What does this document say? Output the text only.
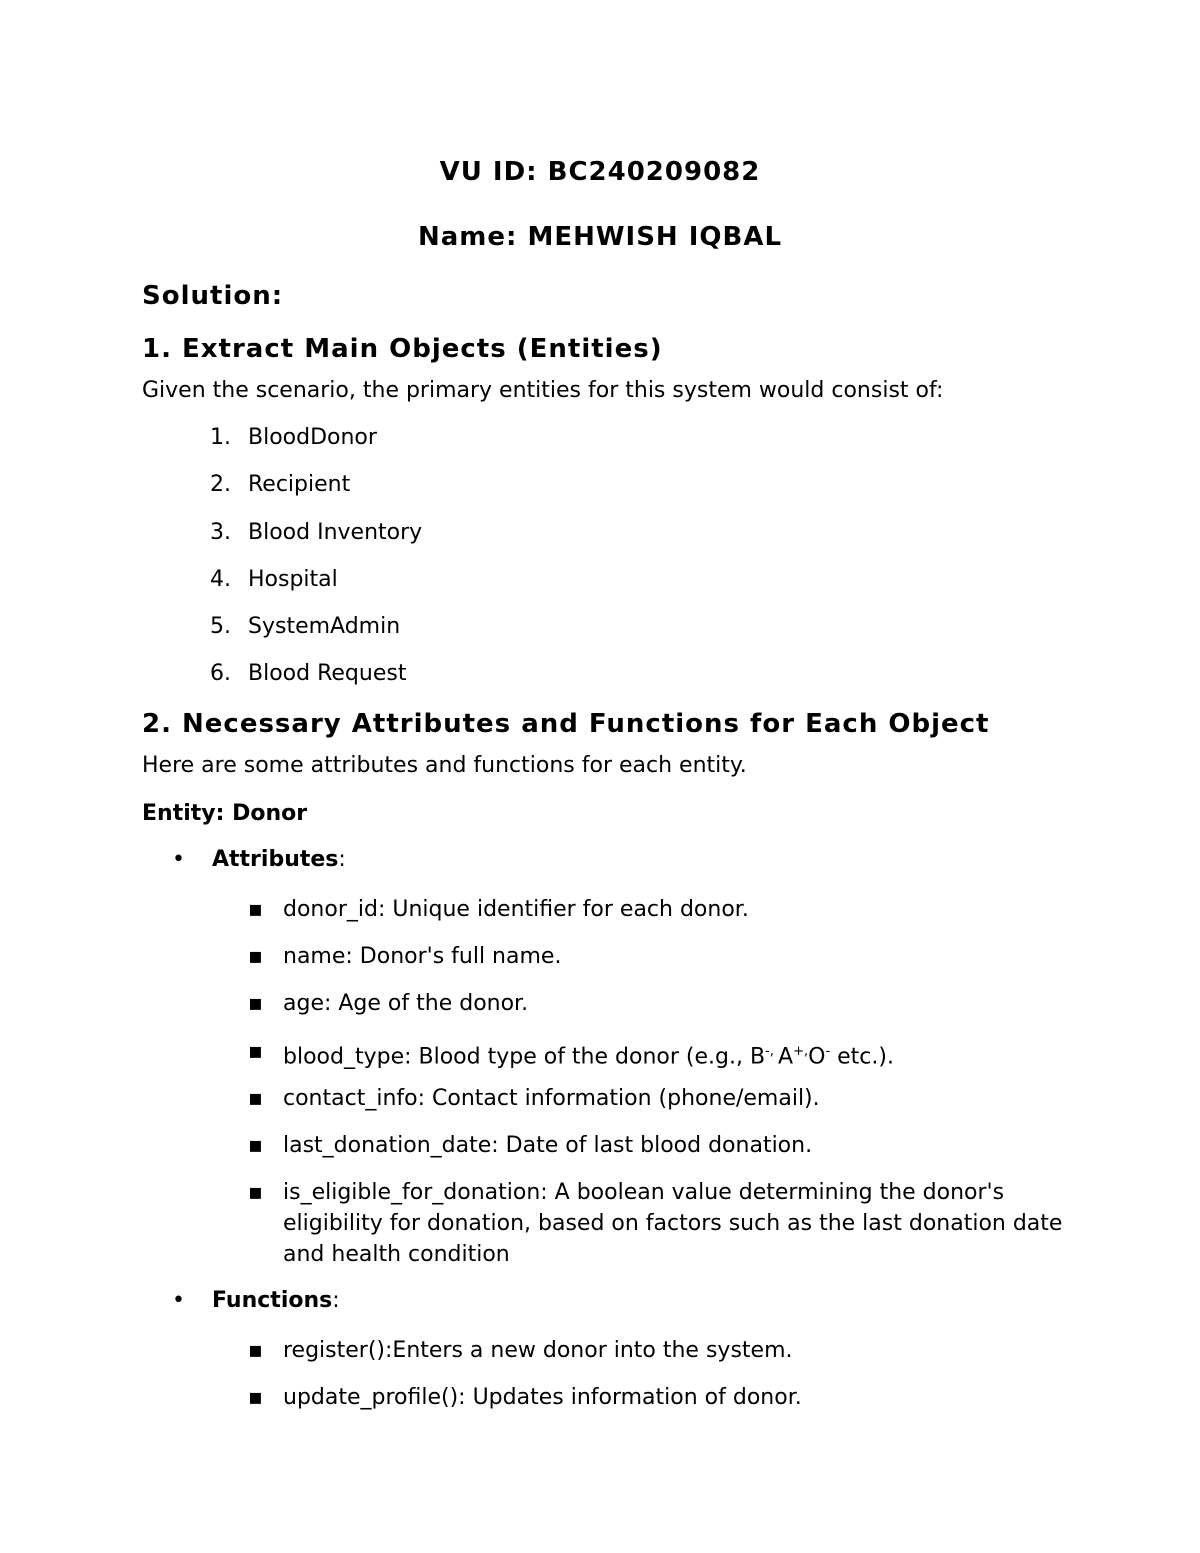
VU ID: BC240209082
Name: MEHWISH IQBAL
Solution:
1. Extract Main Objects (Entities)
Given the scenario, the primary entities for this system would consist of:
1. BloodDonor
2. Recipient
3. Blood Inventory
4. Hospital
5. SystemAdmin
6. Blood Request
2. Necessary Attributes and Functions for Each Object
Here are some attributes and functions for each entity.
Entity: Donor
• Attributes:
▪ donor_id: Unique identifier for each donor.
▪ name: Donor's full name.
▪ age: Age of the donor.
▪ blood_type: Blood type of the donor (e.g., B-, A+,O- etc.).
▪ contact_info: Contact information (phone/email).
▪ last_donation_date: Date of last blood donation.
▪ is_eligible_for_donation: A boolean value determining the donor's eligibility for donation, based on factors such as the last donation date and health condition
• Functions:
▪ register():Enters a new donor into the system.
▪ update_profile(): Updates information of donor.
